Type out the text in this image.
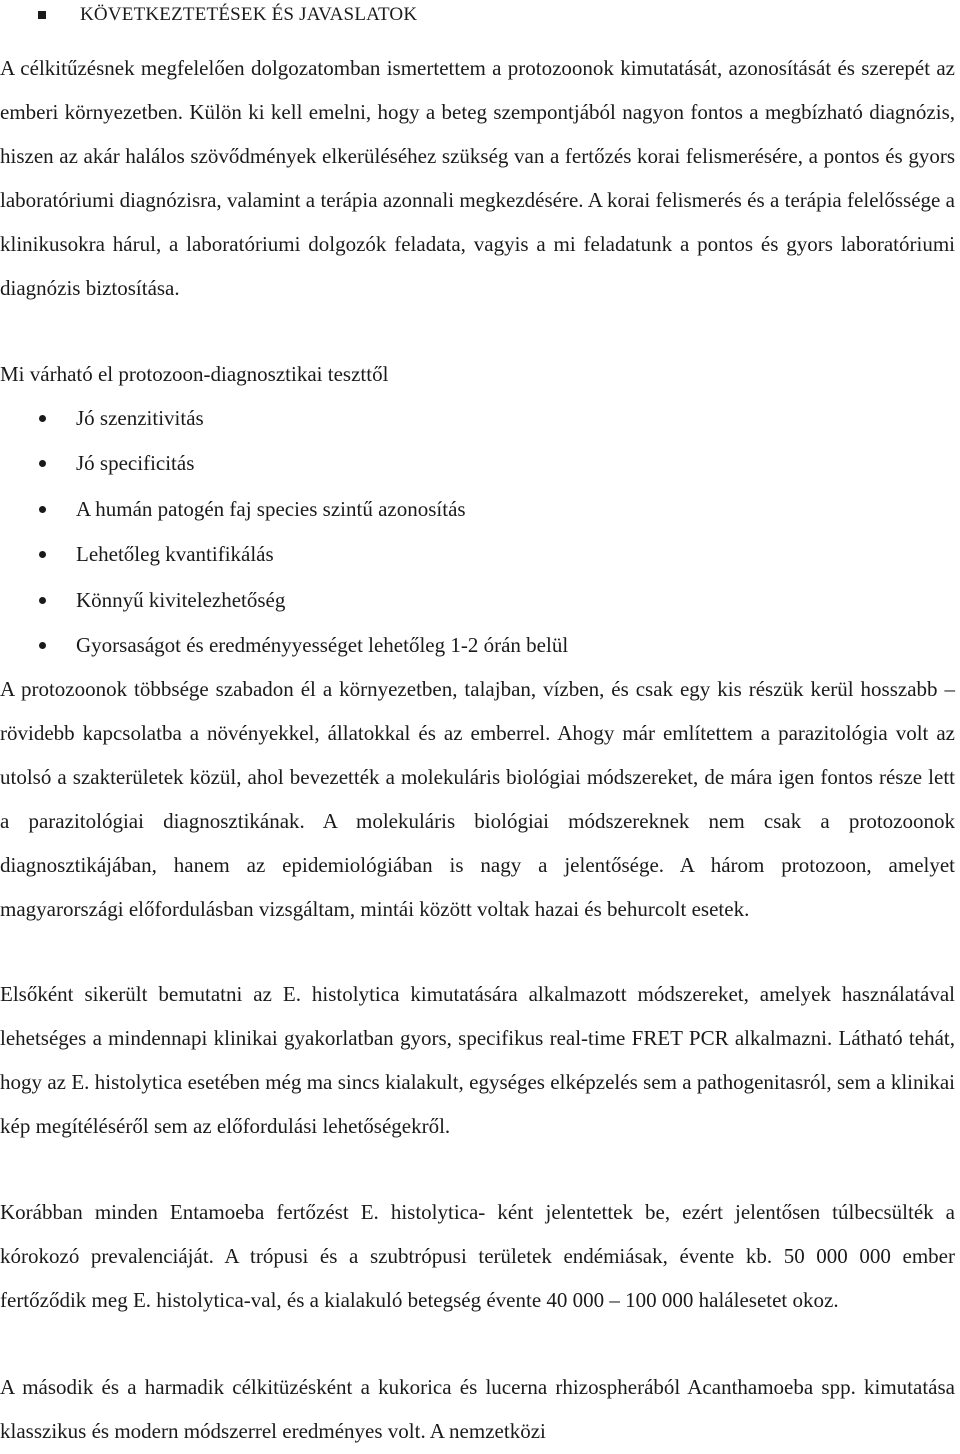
KÖVETKEZTETÉSEK ÉS JAVASLATOK

A célkitűzésnek megfelelően dolgozatomban ismertettem a protozoonok kimutatását, azonosítását és szerepét az emberi környezetben. Külön ki kell emelni, hogy a beteg szempontjából nagyon fontos a megbízható diagnózis, hiszen az akár halálos szövődmények elkerüléséhez szükség van a fertőzés korai felismerésére, a pontos és gyors laboratóriumi diagnózisra, valamint a terápia azonnali megkezdésére. A korai felismerés és a terápia felelőssége a klinikusokra hárul, a laboratóriumi dolgozók feladata, vagyis a mi feladatunk a pontos és gyors laboratóriumi diagnózis biztosítása.

Mi várható el protozoon-diagnosztikai teszttől

Jó szenzitivitás
Jó specificitás
A humán patogén faj species szintű azonosítás
Lehetőleg kvantifikálás
Könnyű kivitelezhetőség
Gyorsaságot és eredményyességet lehetőleg 1-2 órán belül

A protozoonok többsége szabadon él a környezetben, talajban, vízben, és csak egy kis részük kerül hosszabb – rövidebb kapcsolatba a növényekkel, állatokkal és az emberrel. Ahogy már említettem a parazitológia volt az utolsó a szakterületek közül, ahol bevezették a molekuláris biológiai módszereket, de mára igen fontos része lett a parazitológiai diagnosztikának. A molekuláris biológiai módszereknek nem csak a protozoonok diagnosztikájában, hanem az epidemiológiában is nagy a jelentősége. A három protozoon, amelyet magyarországi előfordulásban vizsgáltam, mintái között voltak hazai és behurcolt esetek.

Elsőként sikerült bemutatni az E. histolytica kimutatására alkalmazott módszereket, amelyek használatával lehetséges a mindennapi klinikai gyakorlatban gyors, specifikus real-time FRET PCR alkalmazni. Látható tehát, hogy az E. histolytica esetében még ma sincs kialakult, egységes elképzelés sem a pathogenitasról, sem a klinikai kép megítéléséről sem az előfordulási lehetőségekről.

Korábban minden Entamoeba fertőzést E. histolytica- ként jelentettek be, ezért jelentősen túlbecsülték a kórokozó prevalenciáját. A trópusi és a szubtrópusi területek endémiásak, évente kb. 50 000 000 ember fertőződik meg E. histolytica-val, és a kialakuló betegség évente 40 000 – 100 000 halálesetet okoz.

A második és a harmadik célkitüzésként a kukorica és lucerna rhizospherából Acanthamoeba spp. kimutatása klasszikus és modern módszerrel eredményes volt. A nemzetközi
